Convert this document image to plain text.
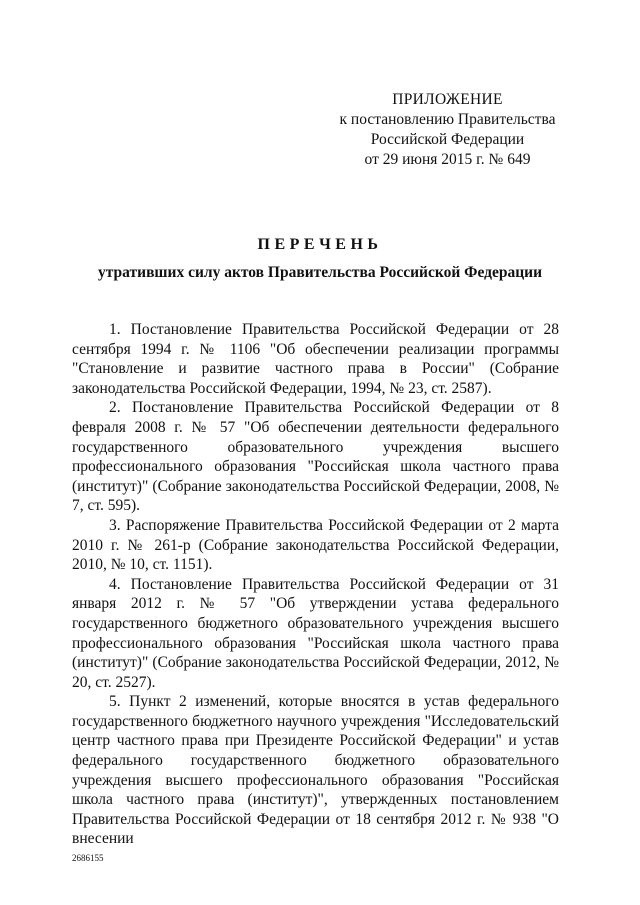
ПРИЛОЖЕНИЕ
к постановлению Правительства
Российской Федерации
от 29 июня 2015 г. № 649
ПЕРЕЧЕНЬ
утративших силу актов Правительства Российской Федерации

1. Постановление Правительства Российской Федерации от 28 сентября 1994 г. № 1106 "Об обеспечении реализации программы "Становление и развитие частного права в России" (Собрание законодательства Российской Федерации, 1994, № 23, ст. 2587).

2. Постановление Правительства Российской Федерации от 8 февраля 2008 г. № 57 "Об обеспечении деятельности федерального государственного образовательного учреждения высшего профессионального образования "Российская школа частного права (институт)" (Собрание законодательства Российской Федерации, 2008, № 7, ст. 595).

3. Распоряжение Правительства Российской Федерации от 2 марта 2010 г. № 261-р (Собрание законодательства Российской Федерации, 2010, № 10, ст. 1151).

4. Постановление Правительства Российской Федерации от 31 января 2012 г. № 57 "Об утверждении устава федерального государственного бюджетного образовательного учреждения высшего профессионального образования "Российская школа частного права (институт)" (Собрание законодательства Российской Федерации, 2012, № 20, ст. 2527).

5. Пункт 2 изменений, которые вносятся в устав федерального государственного бюджетного научного учреждения "Исследовательский центр частного права при Президенте Российской Федерации" и устав федерального государственного бюджетного образовательного учреждения высшего профессионального образования "Российская школа частного права (институт)", утвержденных постановлением Правительства Российской Федерации от 18 сентября 2012 г. № 938 "О внесении

2686155
